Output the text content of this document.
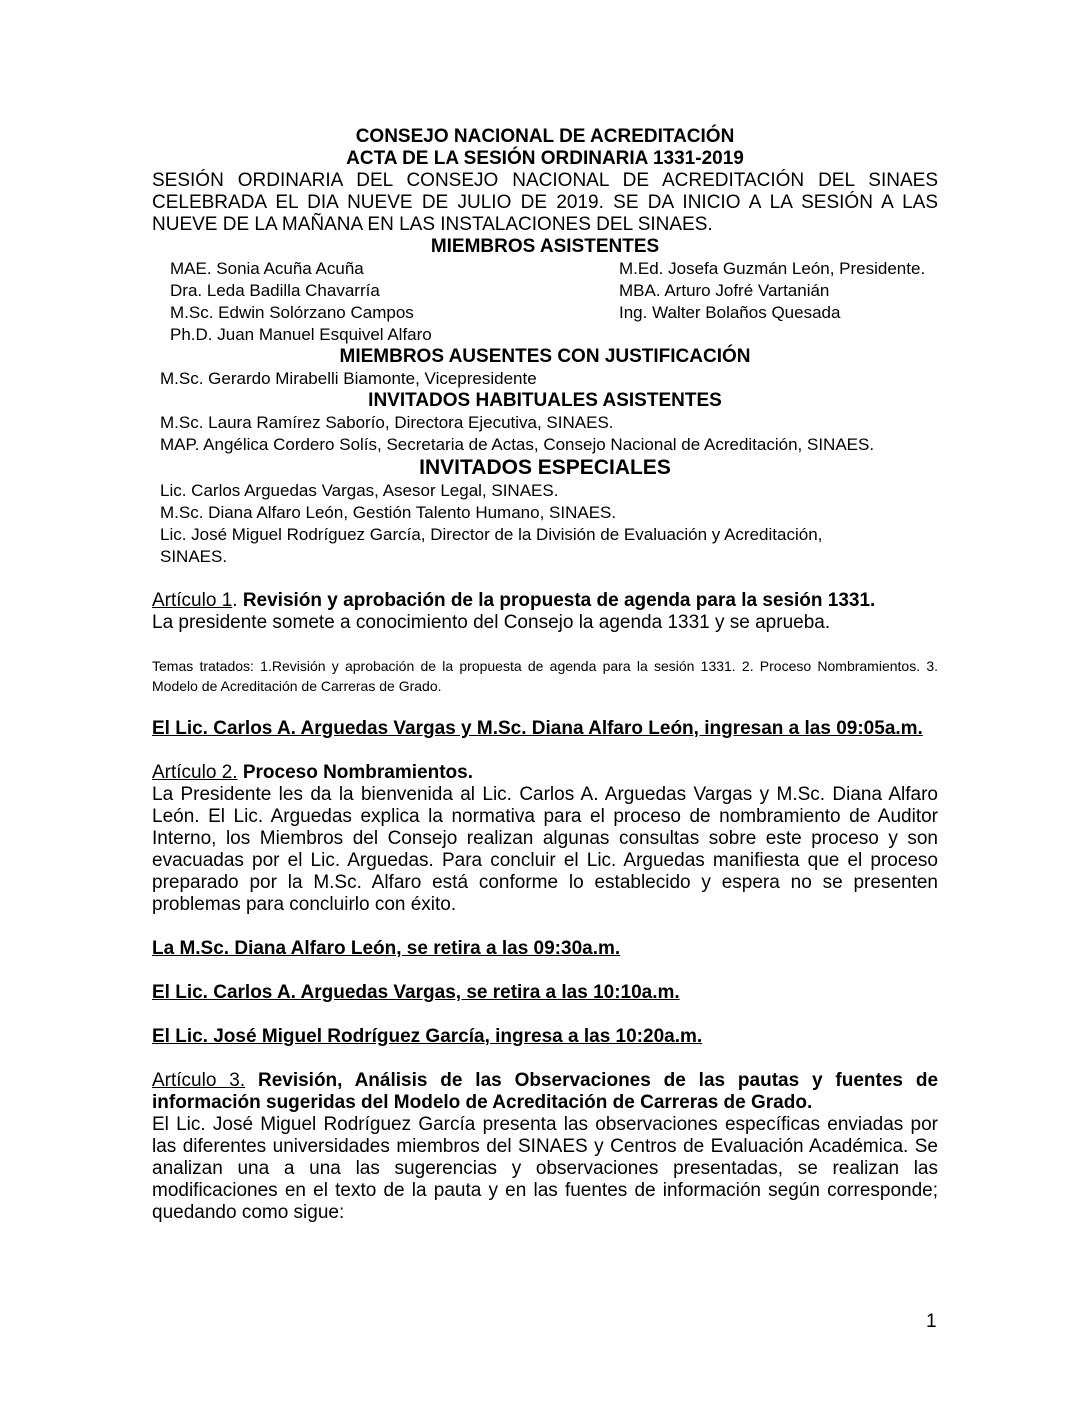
CONSEJO NACIONAL DE ACREDITACIÓN
ACTA DE LA SESIÓN ORDINARIA 1331-2019
SESIÓN ORDINARIA DEL CONSEJO NACIONAL DE ACREDITACIÓN DEL SINAES CELEBRADA EL DIA NUEVE DE JULIO DE 2019. SE DA INICIO A LA SESIÓN A LAS NUEVE DE LA MAÑANA EN LAS INSTALACIONES DEL SINAES.
MIEMBROS ASISTENTES
MAE. Sonia Acuña Acuña	M.Ed. Josefa Guzmán León, Presidente.
Dra. Leda Badilla Chavarría	MBA. Arturo Jofré Vartanián
M.Sc. Edwin Solórzano Campos	Ing. Walter Bolaños Quesada
Ph.D. Juan Manuel Esquivel Alfaro
MIEMBROS AUSENTES CON JUSTIFICACIÓN
M.Sc. Gerardo Mirabelli Biamonte, Vicepresidente
INVITADOS HABITUALES ASISTENTES
M.Sc. Laura Ramírez Saborío, Directora Ejecutiva, SINAES.
MAP. Angélica Cordero Solís, Secretaria de Actas, Consejo Nacional de Acreditación, SINAES.
INVITADOS ESPECIALES
Lic. Carlos Arguedas Vargas, Asesor Legal, SINAES.
M.Sc. Diana Alfaro León, Gestión Talento Humano, SINAES.
Lic. José Miguel Rodríguez García, Director de la División de Evaluación y Acreditación,
SINAES.
Artículo 1. Revisión y aprobación de la propuesta de agenda para la sesión 1331.
La presidente somete a conocimiento del Consejo la agenda 1331 y se aprueba.
Temas tratados: 1.Revisión y aprobación de la propuesta de agenda para la sesión 1331. 2. Proceso Nombramientos. 3. Modelo de Acreditación de Carreras de Grado.
El Lic. Carlos A. Arguedas Vargas y M.Sc. Diana Alfaro León, ingresan a las 09:05a.m.
Artículo 2. Proceso Nombramientos.
La Presidente les da la bienvenida al Lic. Carlos A. Arguedas Vargas y M.Sc. Diana Alfaro León. El Lic. Arguedas explica la normativa para el proceso de nombramiento de Auditor Interno, los Miembros del Consejo realizan algunas consultas sobre este proceso y son evacuadas por el Lic. Arguedas. Para concluir el Lic. Arguedas manifiesta que el proceso preparado por la M.Sc. Alfaro está conforme lo establecido y espera no se presenten problemas para concluirlo con éxito.
La M.Sc. Diana Alfaro León, se retira a las 09:30a.m.
El Lic. Carlos A. Arguedas Vargas, se retira a las 10:10a.m.
El Lic. José Miguel Rodríguez García, ingresa a las 10:20a.m.
Artículo 3. Revisión, Análisis de las Observaciones de las pautas y fuentes de información sugeridas del Modelo de Acreditación de Carreras de Grado.
El Lic. José Miguel Rodríguez García presenta las observaciones específicas enviadas por las diferentes universidades miembros del SINAES y Centros de Evaluación Académica. Se analizan una a una las sugerencias y observaciones presentadas, se realizan las modificaciones en el texto de la pauta y en las fuentes de información según corresponde; quedando como sigue:
1
